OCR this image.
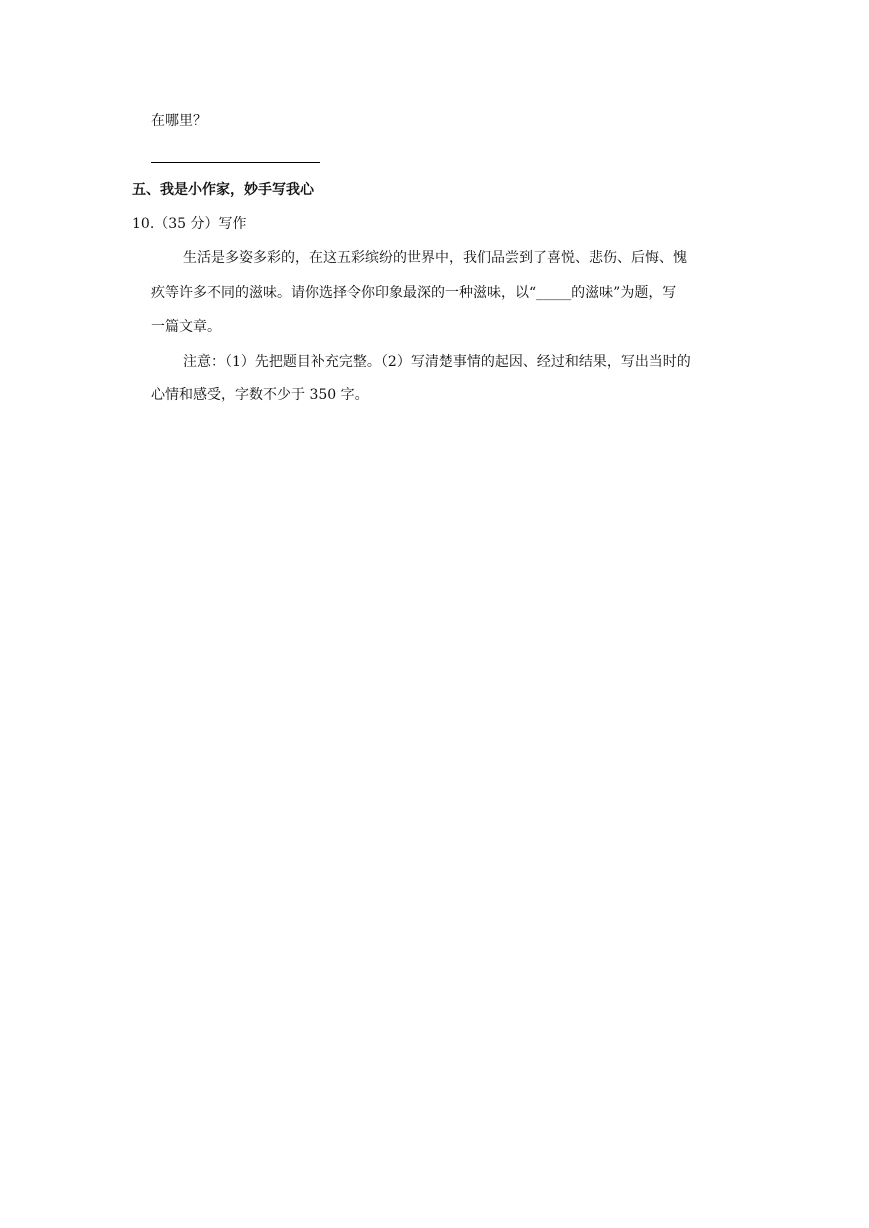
在哪里？
五、我是小作家，妙手写我心
10.（35 分）写作
生活是多姿多彩的，在这五彩缤纷的世界中，我们品尝到了喜悦、悲伤、后悔、愧
疚等许多不同的滋味。请你选择令你印象最深的一种滋味，以“_____的滋味”为题，写
一篇文章。
注意：（1）先把题目补充完整。（2）写清楚事情的起因、经过和结果，写出当时的
心情和感受，字数不少于 350 字。
